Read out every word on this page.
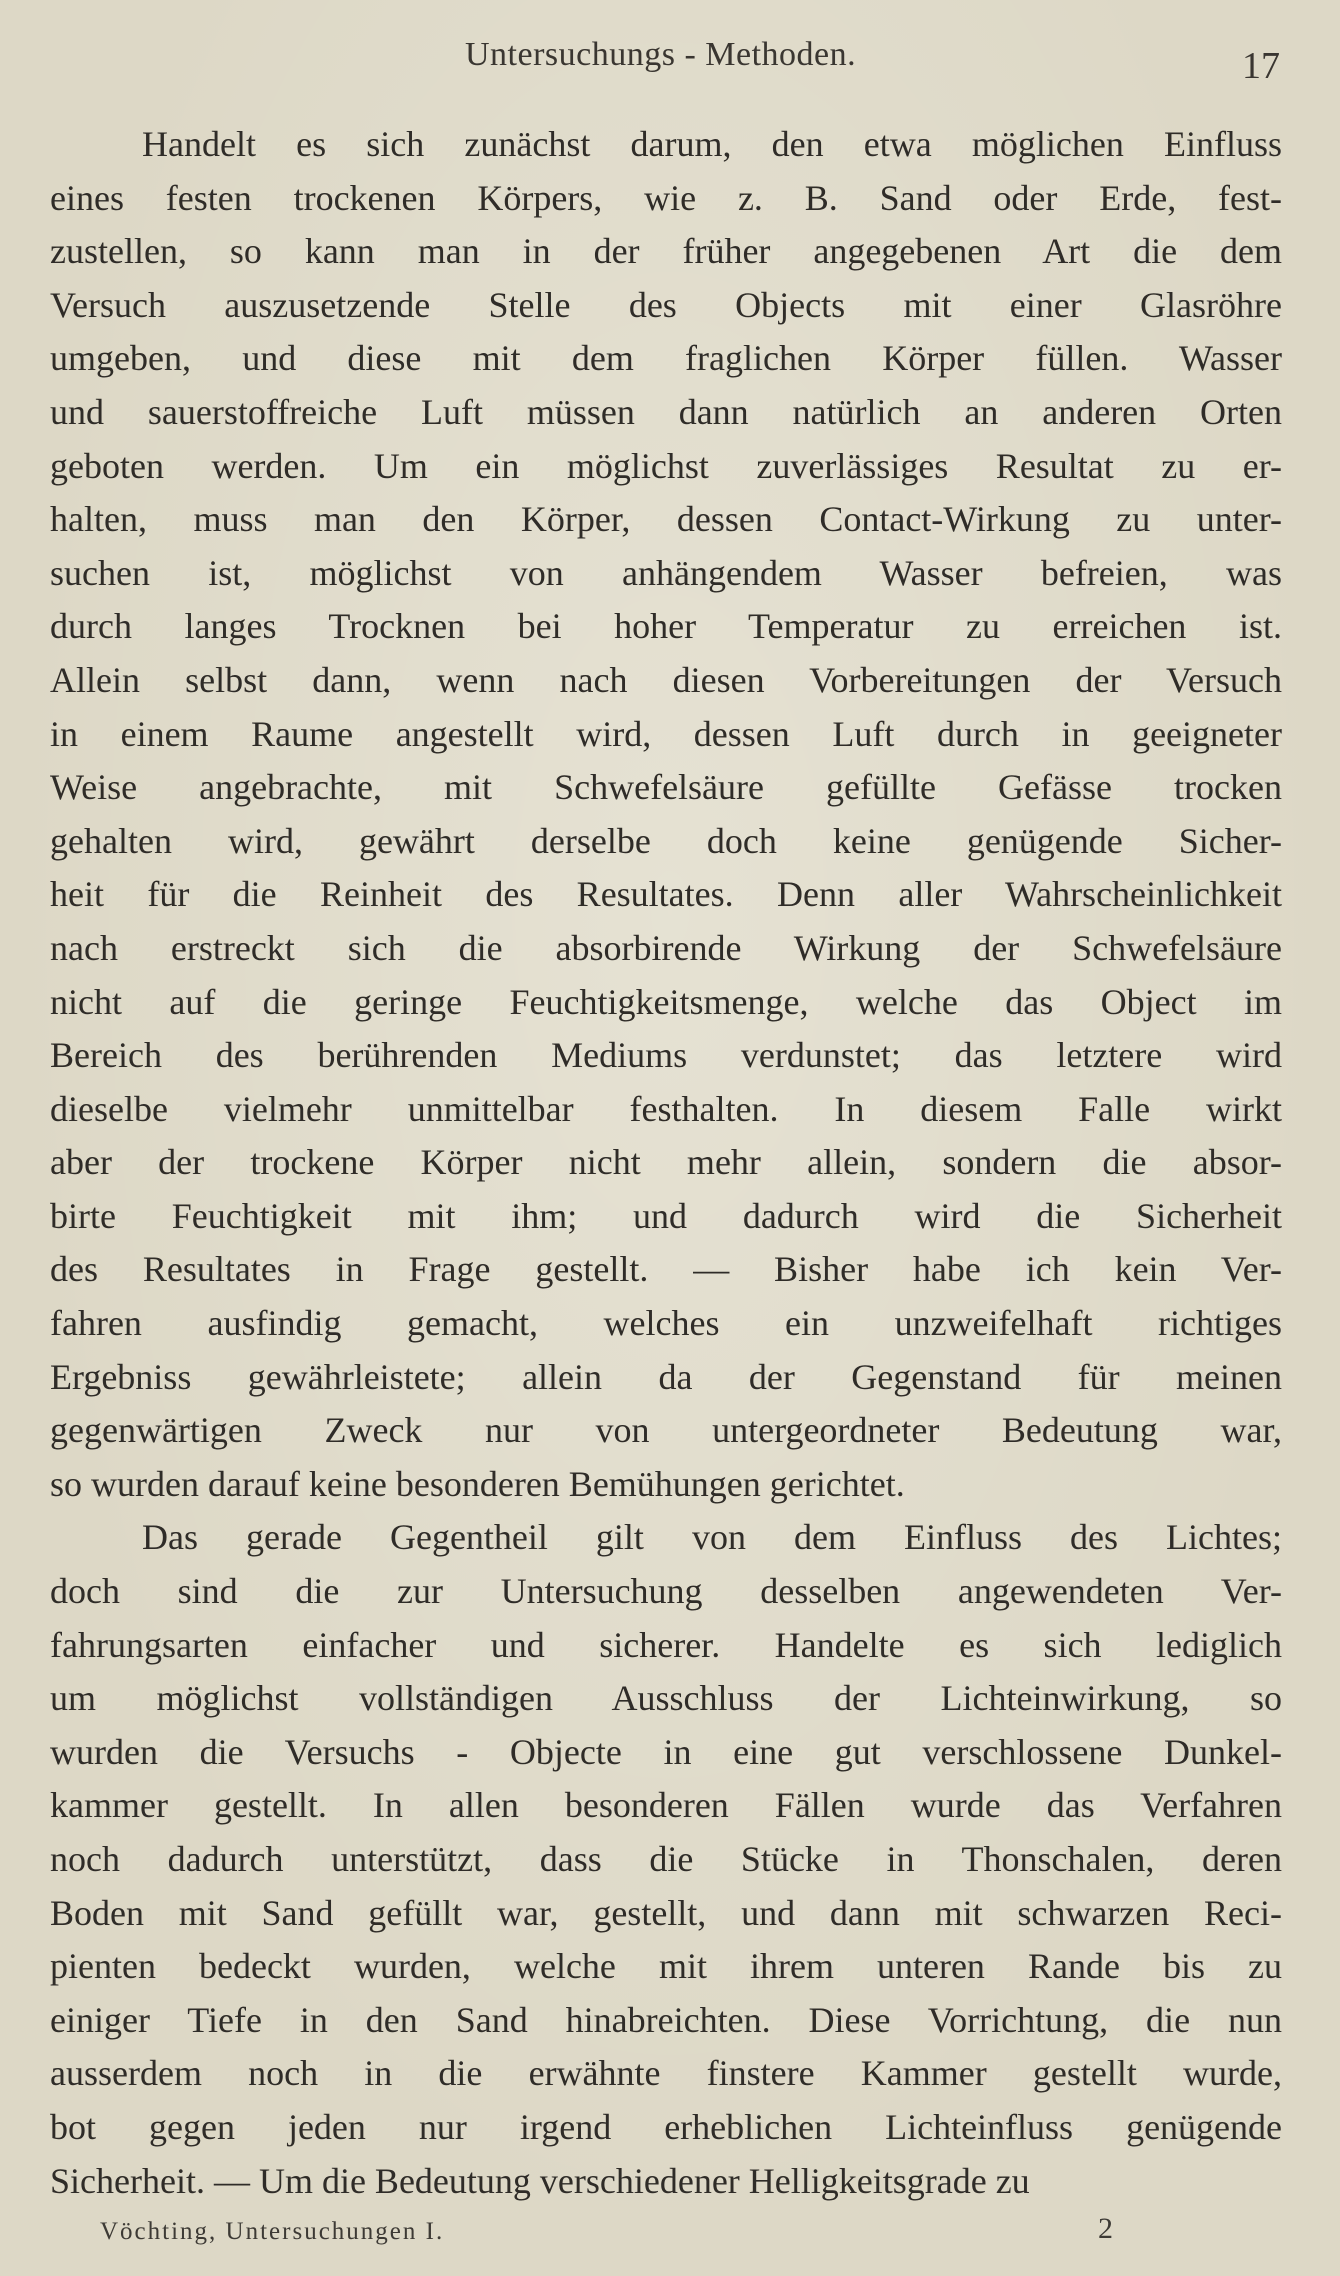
Untersuchungs - Methoden.	17
Handelt es sich zunächst darum, den etwa möglichen Einfluss
eines festen trockenen Körpers, wie z. B. Sand oder Erde, fest-
zustellen, so kann man in der früher angegebenen Art die dem
Versuch auszusetzende Stelle des Objects mit einer Glasröhre
umgeben, und diese mit dem fraglichen Körper füllen. Wasser
und sauerstoffreiche Luft müssen dann natürlich an anderen Orten
geboten werden. Um ein möglichst zuverlässiges Resultat zu er-
halten, muss man den Körper, dessen Contact-Wirkung zu unter-
suchen ist, möglichst von anhängendem Wasser befreien, was
durch langes Trocknen bei hoher Temperatur zu erreichen ist.
Allein selbst dann, wenn nach diesen Vorbereitungen der Versuch
in einem Raume angestellt wird, dessen Luft durch in geeigneter
Weise angebrachte, mit Schwefelsäure gefüllte Gefässe trocken
gehalten wird, gewährt derselbe doch keine genügende Sicher-
heit für die Reinheit des Resultates. Denn aller Wahrscheinlichkeit
nach erstreckt sich die absorbirende Wirkung der Schwefelsäure
nicht auf die geringe Feuchtigkeitsmenge, welche das Object im
Bereich des berührenden Mediums verdunstet; das letztere wird
dieselbe vielmehr unmittelbar festhalten. In diesem Falle wirkt
aber der trockene Körper nicht mehr allein, sondern die absor-
birte Feuchtigkeit mit ihm; und dadurch wird die Sicherheit
des Resultates in Frage gestellt. — Bisher habe ich kein Ver-
fahren ausfindig gemacht, welches ein unzweifelhaft richtiges
Ergebniss gewährleistete; allein da der Gegenstand für meinen
gegenwärtigen Zweck nur von untergeordneter Bedeutung war,
so wurden darauf keine besonderen Bemühungen gerichtet.
Das gerade Gegentheil gilt von dem Einfluss des Lichtes;
doch sind die zur Untersuchung desselben angewendeten Ver-
fahrungsarten einfacher und sicherer. Handelte es sich lediglich
um möglichst vollständigen Ausschluss der Lichteinwirkung, so
wurden die Versuchs - Objecte in eine gut verschlossene Dunkel-
kammer gestellt. In allen besonderen Fällen wurde das Verfahren
noch dadurch unterstützt, dass die Stücke in Thonschalen, deren
Boden mit Sand gefüllt war, gestellt, und dann mit schwarzen Reci-
pienten bedeckt wurden, welche mit ihrem unteren Rande bis zu
einiger Tiefe in den Sand hinabreichten. Diese Vorrichtung, die nun
ausserdem noch in die erwähnte finstere Kammer gestellt wurde,
bot gegen jeden nur irgend erheblichen Lichteinfluss genügende
Sicherheit. — Um die Bedeutung verschiedener Helligkeitsgrade zu
Vöchting, Untersuchungen I.	2
